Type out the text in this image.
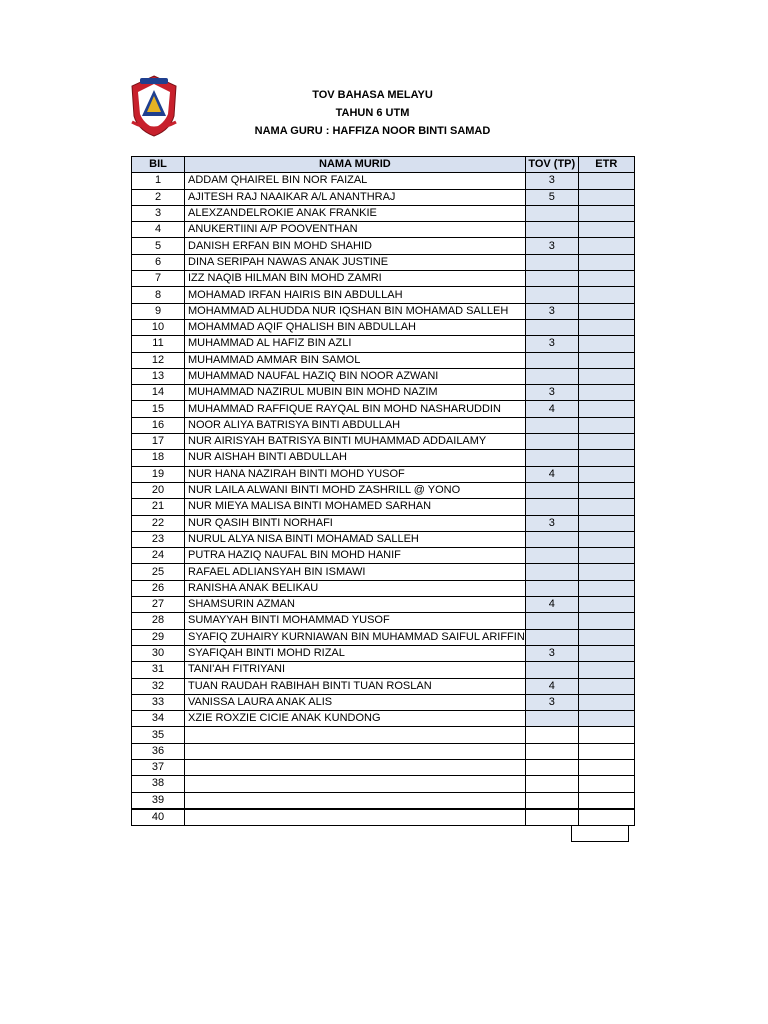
TOV BAHASA MELAYU
TAHUN 6 UTM
NAMA GURU : HAFFIZA NOOR BINTI SAMAD
BIL	NAMA MURID	TOV (TP)	ETR
1	ADDAM QHAIREL BIN NOR FAIZAL	3	
2	AJITESH RAJ NAAIKAR A/L ANANTHRAJ	5	
3	ALEXZANDELROKIE ANAK FRANKIE		
4	ANUKERTIINI A/P POOVENTHAN		
5	DANISH ERFAN BIN MOHD SHAHID	3	
6	DINA SERIPAH NAWAS ANAK JUSTINE		
7	IZZ NAQIB HILMAN BIN MOHD ZAMRI		
8	MOHAMAD IRFAN HAIRIS BIN ABDULLAH		
9	MOHAMMAD ALHUDDA NUR IQSHAN BIN MOHAMAD SALLEH	3	
10	MOHAMMAD AQIF QHALISH BIN ABDULLAH		
11	MUHAMMAD AL HAFIZ BIN AZLI	3	
12	MUHAMMAD AMMAR BIN SAMOL		
13	MUHAMMAD NAUFAL HAZIQ BIN NOOR AZWANI		
14	MUHAMMAD NAZIRUL MUBIN BIN MOHD NAZIM	3	
15	MUHAMMAD RAFFIQUE RAYQAL BIN MOHD NASHARUDDIN	4	
16	NOOR ALIYA BATRISYA BINTI ABDULLAH		
17	NUR AIRISYAH BATRISYA BINTI MUHAMMAD ADDAILAMY		
18	NUR AISHAH BINTI ABDULLAH		
19	NUR HANA NAZIRAH BINTI MOHD YUSOF	4	
20	NUR LAILA ALWANI BINTI MOHD ZASHRILL @ YONO		
21	NUR MIEYA MALISA BINTI MOHAMED SARHAN		
22	NUR QASIH BINTI NORHAFI	3	
23	NURUL ALYA NISA BINTI MOHAMAD SALLEH		
24	PUTRA HAZIQ NAUFAL BIN MOHD HANIF		
25	RAFAEL ADLIANSYAH BIN ISMAWI		
26	RANISHA ANAK BELIKAU		
27	SHAMSURIN AZMAN	4	
28	SUMAYYAH BINTI MOHAMMAD YUSOF		
29	SYAFIQ ZUHAIRY KURNIAWAN BIN MUHAMMAD SAIFUL ARIFFIN		
30	SYAFIQAH BINTI MOHD RIZAL	3	
31	TANI'AH FITRIYANI		
32	TUAN RAUDAH RABIHAH BINTI TUAN ROSLAN	4	
33	VANISSA LAURA ANAK ALIS	3	
34	XZIE ROXZIE CICIE ANAK KUNDONG		
35			
36			
37			
38			
39			
40			
